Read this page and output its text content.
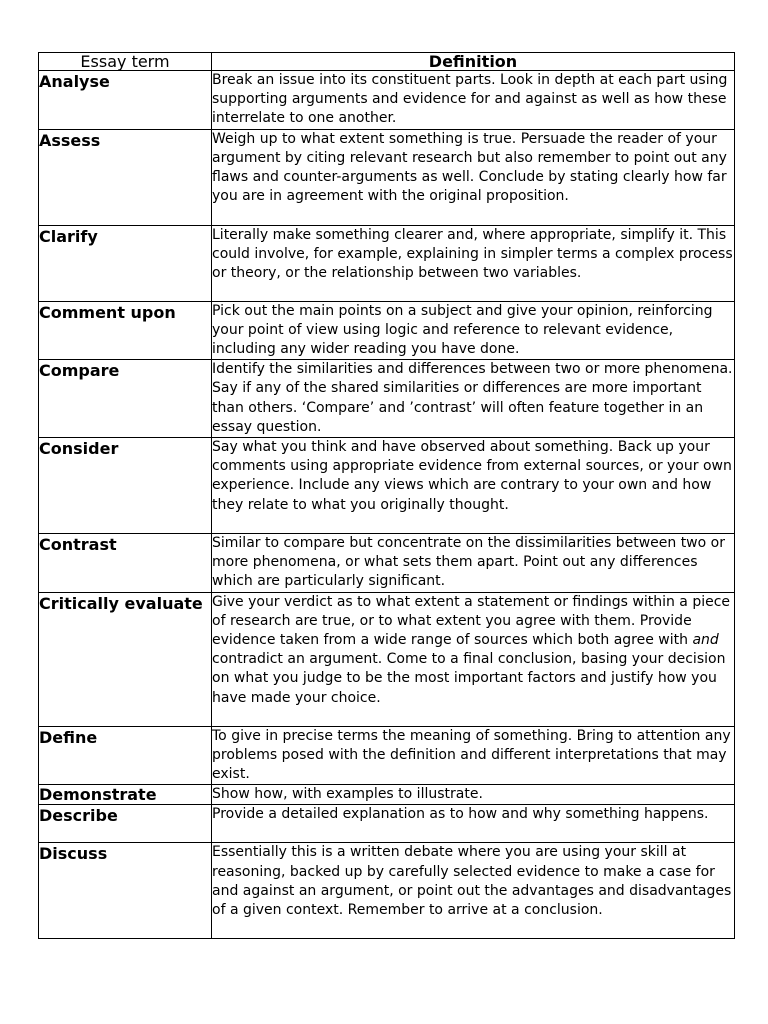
Essay term	Definition

Analyse	Break an issue into its constituent parts. Look in depth at each part using supporting arguments and evidence for and against as well as how these interrelate to one another.

Assess	Weigh up to what extent something is true. Persuade the reader of your argument by citing relevant research but also remember to point out any flaws and counter-arguments as well. Conclude by stating clearly how far you are in agreement with the original proposition.

Clarify	Literally make something clearer and, where appropriate, simplify it. This could involve, for example, explaining in simpler terms a complex process or theory, or the relationship between two variables.

Comment upon	Pick out the main points on a subject and give your opinion, reinforcing your point of view using logic and reference to relevant evidence, including any wider reading you have done.

Compare	Identify the similarities and differences between two or more phenomena. Say if any of the shared similarities or differences are more important than others. ‘Compare’ and ’contrast’ will often feature together in an essay question.

Consider	Say what you think and have observed about something. Back up your comments using appropriate evidence from external sources, or your own experience. Include any views which are contrary to your own and how they relate to what you originally thought.

Contrast	Similar to compare but concentrate on the dissimilarities between two or more phenomena, or what sets them apart. Point out any differences which are particularly significant.

Critically evaluate	Give your verdict as to what extent a statement or findings within a piece of research are true, or to what extent you agree with them. Provide evidence taken from a wide range of sources which both agree with and contradict an argument. Come to a final conclusion, basing your decision on what you judge to be the most important factors and justify how you have made your choice.

Define	To give in precise terms the meaning of something. Bring to attention any problems posed with the definition and different interpretations that may exist.

Demonstrate	Show how, with examples to illustrate.

Describe	Provide a detailed explanation as to how and why something happens.

Discuss	Essentially this is a written debate where you are using your skill at reasoning, backed up by carefully selected evidence to make a case for and against an argument, or point out the advantages and disadvantages of a given context. Remember to arrive at a conclusion.
